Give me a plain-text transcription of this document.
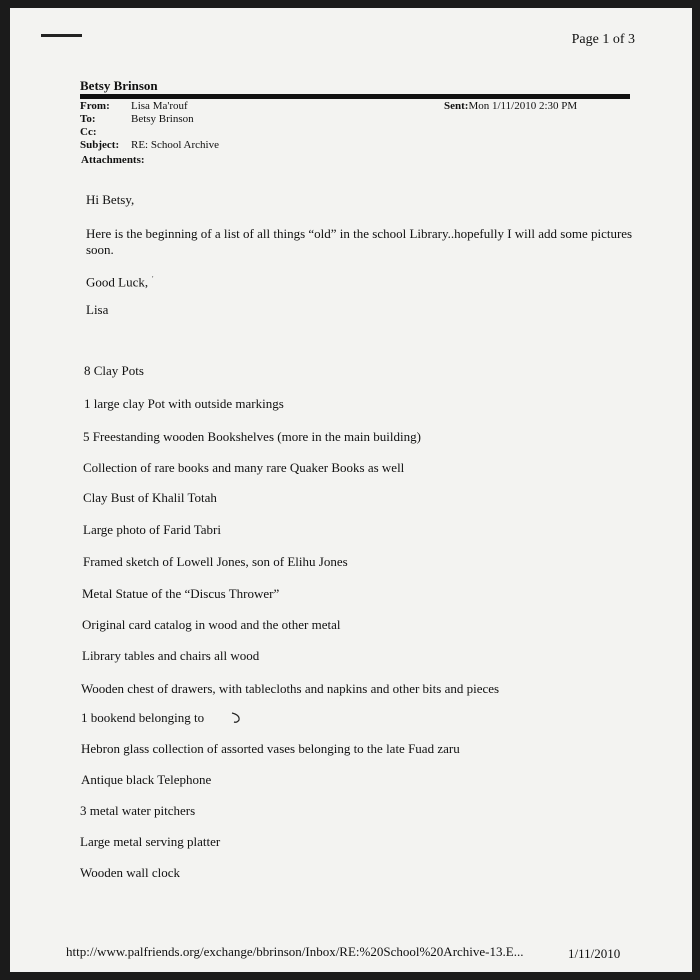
Page 1 of 3
Betsy Brinson
From: Lisa Ma'rouf
To:	Betsy Brinson
Cc:
Subject: RE: School Archive
Attachments:
Sent:Mon 1/11/2010 2:30 PM
Hi Betsy,
Here is the beginning of a list of all things “old” in the school Library..hopefully I will add some pictures soon.
Good Luck, $^ˑ$
Lisa
8 Clay Pots
1 large clay Pot with outside markings
5 Freestanding wooden Bookshelves (more in the main building)
Collection of rare books and many rare Quaker Books as well
Clay Bust of Khalil Totah
Large photo of Farid Tabri
Framed sketch of Lowell Jones, son of Elihu Jones
Metal Statue of the “Discus Thrower”
Original card catalog in wood and the other metal
Library tables and chairs all wood
Wooden chest of drawers, with tablecloths and napkins and other bits and pieces
1 bookend belonging to
Hebron glass collection of assorted vases belonging to the late Fuad zaru
Antique black Telephone
3 metal water pitchers
Large metal serving platter
Wooden wall clock
http://www.palfriends.org/exchange/bbrinson/Inbox/RE:%20School%20Archive-13.E...	1/11/2010
